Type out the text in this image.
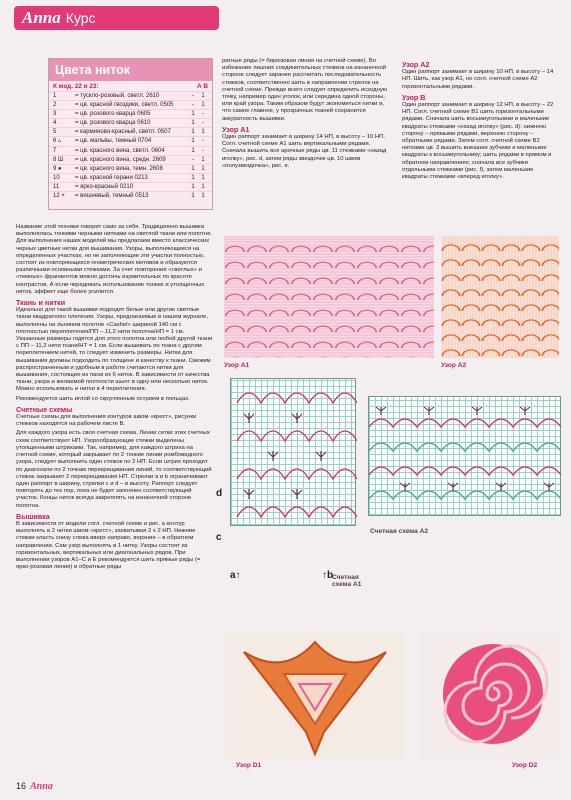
Anna Курс
Цвета ниток
К мод. 22 и 23:	А В
1	= тускло-розовый, светл. 2610	-	1
2	= цв. красной гвоздики, светл. 0505	-	1
3	= цв. розового кварца 0605	1	-
4	= цв. розового кварца 0610	1	-
5	= карминово-красный, светл. 0507	1	1
6 ▵	= цв. мальвы, темный 0704	1	-
7	= цв. красного вина, светл. 0604	1	-
8 Ш	= цв. красного вина, средн. 2609	-	1
9 ●	= цв. красного вина, темн. 2608	1	1
10	= цв. красной герани 0213	1	1
11	= ярко-красный 0210	1	1
12 ×	= вишневый, темный 0513	1	1

Название этой техники говорит само за себя. Традиционно вышивка выполнялась тонкими черными нитками на светлой ткани или полотне. Для выполнения наших моделей мы предлагаем вместо классических черных цветные нитки для вышивания. Узоры, выполняющиеся на определенных участках, но не заполняющие эти участки полностью, состоят из повторяющихся геометрических мотивов и образуются различными основными стежками. За счет повторения «светлых» и «темных» фрагментов можно достичь изумительных по красоте контрастов. А если чередовать использование тонких и утолщенных ниток, эффект еще более усилится.

Ткань и нитки

Идеально для такой вышивки подходят белые или другие светлые ткани квадратного плетения. Узоры, предлагаемые в нашем журнале, выполнены на льняном полотне «Cashel» шириной 140 см с плотностью переплетения/ПП – 11,2 нити полотна/НП = 1 см. Указанные размеры годятся для этого полотна или любой другой ткани с ПП – 11,2 нити ткани/НТ = 1 см. Если вышивать по ткани с другим переплетением нитей, то следует изменить размеры. Нитки для вышивания должны подходить по толщине и качеству к ткани. Свежим распространенным и удобным в работе считаются нитки для вышивания, состоящие из пасм из 6 ниток. В зависимости от качества ткани, узора и желаемой плотности шьют в одну или несколько ниток. Можно использовать и нитки в 4 переплетения.

Рекомендуется шить иглой со скругленным острием в пяльцах.

Счетные схемы

Счетные схемы для выполнения контуров швом «крест», рисунки стежков находятся на рабочем листе В.

Для каждого узора есть своя счетная схема. Линии сетки этих счетных схем соответствуют НП. Узорообразующие стежки выделены утолщенными штрихами. Так, например, для каждого штриха на счетной схеме, который закрывает по 2 тонкие линии ромбовидного узора, следует выполнить один стежок по 2 НП. Если штрих проходит по диагонали по 2 точкам перекрещивания линий, то соответствующий стежок закрывает 2 перекрещивания НП. Стрелки a и b ограничивают один раппорт в ширину, стрелки c и d – в высоту. Раппорт следует повторять до тех пор, пока не будет заполнен соответствующий участок. Концы ниток всегда закреплять на изнаночной стороне полотна.

Вышивка

В зависимости от модели согл. счетной схеме и рис. а контур выполнять в 2 нитки швом «крест», захватывая 2 х 2 НП. Нижние стежки класть снизу слева вверх направо, верхние – в обратном направлении. Сам узор выполнять в 1 нитку. Узоры состоят из горизонтальных, вертикальных или диагональных рядов. При выполнении узоров А1–С и Е рекомендуется шить прямые ряды (= ярко-розовая линия) и обратные ряды

ратные ряды (= бирюзовая линия на счетной схеме). Во избежание лишних соединительных стежков на изнаночной стороне следует заранее рассчитать последовательность стежков, соответственно шить в направлении стрелок на счетной схеме. Прежде всего следует определить исходную точку, например один уголок, или середина одной стороны, или край узора. Таким образом будут экономиться нитки и, что самое главное, у прозрачных тканей сохранится аккуратность вышивки.

Узор А1

Один раппорт занимает в ширину 14 НП, в высоту – 10 НП. Согл. счетной схеме А1 шить вертикальными рядами. Сначала вышить все арочные ряды цв. 11 стежками «назад иголку», рис. d, затем ряды звездочек цв. 10 швом «полузвездочка», рис. e.

Узор А2

Один раппорт занимает в ширину 10 НП, в высоту – 14 НП. Шить, как узор А1, но согл. счетной схеме А2 горизонтальными рядами.

Узор В

Один раппорт занимает в ширину 12 НП, в высоту – 22 НП. Согл. счетной схеме В1 шить горизонтальными рядами. Сначала шить восьмиугольники и маленькие квадраты стежками «назад иголку» (рис. d): нижнюю сторону – прямыми рядами, верхнюю сторону – обратными рядами. Затем согл. счетной схеме В2 нитками цв. 3 вышить внешние зубчики и маленькие квадраты к восьмиугольнику; шить рядами в прямом и обратном направлениях; сначала все зубчики отдельными стежками (рис. f), затем маленькие квадраты стежками «вперед иголку».

Узор А1	Узор А2
Счетная схема А1
Счетная схема А2
d
c
a↑	↑b
Узор D1	Узор D2
16 Anna
